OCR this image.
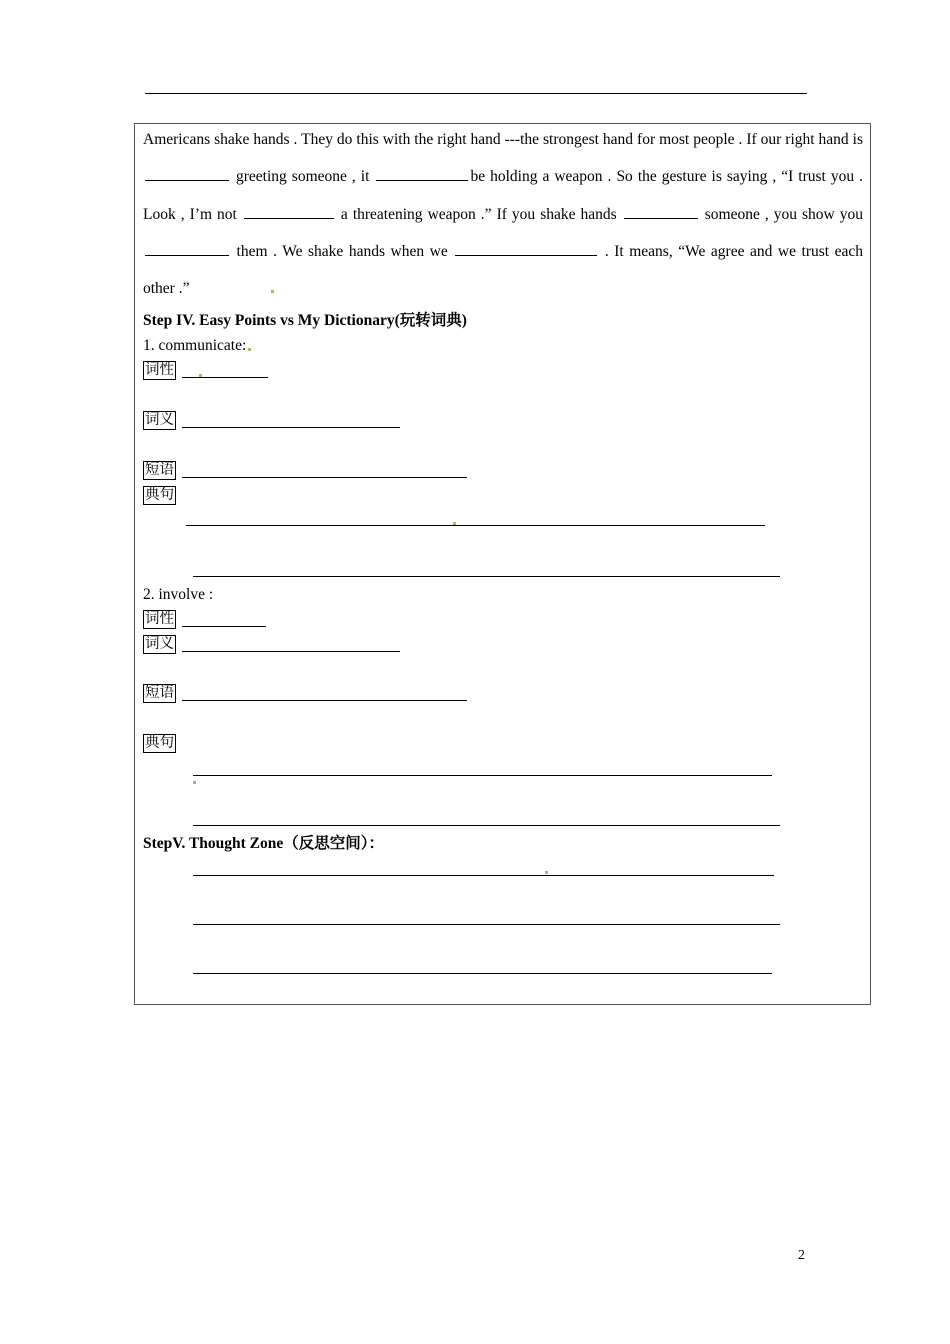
Americans shake hands . They do this with the right hand ---the strongest hand for most people . If our right hand is  greeting someone , it	be holding a weapon . So the gesture is saying , “I trust you . Look , I’m not	a threatening weapon .” If you shake hands	someone , you show you  them . We shake hands when we	. It means, “We agree and we trust each other .”
Step IV. Easy Points vs My Dictionary(玩转词典)
1. communicate:
词性
词义
短语
典句
2. involve :
词性
词义
短语
典句
StepV. Thought Zone（反思空间）：
2
